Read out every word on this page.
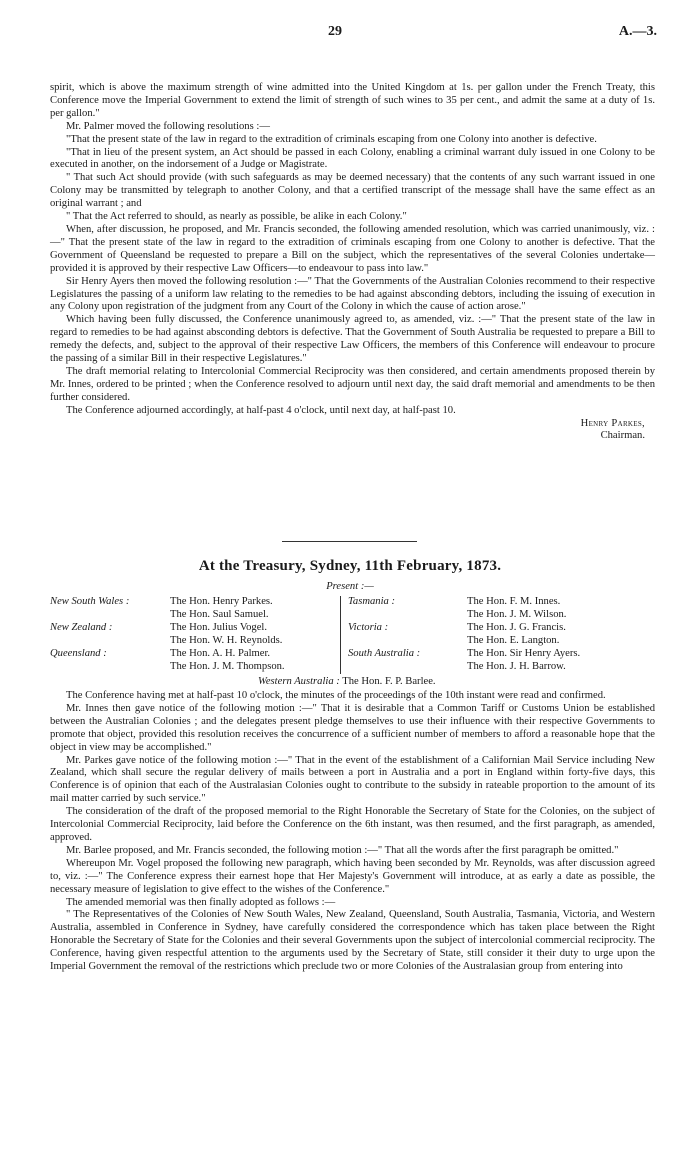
29	A.—3.

spirit, which is above the maximum strength of wine admitted into the United Kingdom at 1s. per gallon under the French Treaty, this Conference move the Imperial Government to extend the limit of strength of such wines to 35 per cent., and admit the same at a duty of 1s. per gallon."

Mr. Palmer moved the following resolutions :—

"That the present state of the law in regard to the extradition of criminals escaping from one Colony into another is defective.

"That in lieu of the present system, an Act should be passed in each Colony, enabling a criminal warrant duly issued in one Colony to be executed in another, on the indorsement of a Judge or Magistrate.

" That such Act should provide (with such safeguards as may be deemed necessary) that the contents of any such warrant issued in one Colony may be transmitted by telegraph to another Colony, and that a certified transcript of the message shall have the same effect as an original warrant ; and

" That the Act referred to should, as nearly as possible, be alike in each Colony."

When, after discussion, he proposed, and Mr. Francis seconded, the following amended resolution, which was carried unanimously, viz. :—" That the present state of the law in regard to the extradition of criminals escaping from one Colony to another is defective. That the Government of Queensland be requested to prepare a Bill on the subject, which the representatives of the several Colonies undertake—provided it is approved by their respective Law Officers—to endeavour to pass into law."

Sir Henry Ayers then moved the following resolution :—" That the Governments of the Australian Colonies recommend to their respective Legislatures the passing of a uniform law relating to the remedies to be had against absconding debtors, including the issuing of execution in any Colony upon registration of the judgment from any Court of the Colony in which the cause of action arose."

Which having been fully discussed, the Conference unanimously agreed to, as amended, viz. :—" That the present state of the law in regard to remedies to be had against absconding debtors is defective. That the Government of South Australia be requested to prepare a Bill to remedy the defects, and, subject to the approval of their respective Law Officers, the members of this Conference will endeavour to procure the passing of a similar Bill in their respective Legislatures."

The draft memorial relating to Intercolonial Commercial Reciprocity was then considered, and certain amendments proposed therein by Mr. Innes, ordered to be printed ; when the Conference resolved to adjourn until next day, the said draft memorial and amendments to be then further considered.

The Conference adjourned accordingly, at half-past 4 o'clock, until next day, at half-past 10.

Henry Parkes,
Chairman.
At the Treasury, Sydney, 11th February, 1873.
Present :—
New South Wales :
New Zealand :
Queensland :
The Hon. Henry Parkes.
The Hon. Saul Samuel.
The Hon. Julius Vogel.
The Hon. W. H. Reynolds.
The Hon. A. H. Palmer.
The Hon. J. M. Thompson.
Tasmania :
Victoria :
South Australia :
The Hon. F. M. Innes.
The Hon. J. M. Wilson.
The Hon. J. G. Francis.
The Hon. E. Langton.
The Hon. Sir Henry Ayers.
The Hon. J. H. Barrow.
Western Australia : The Hon. F. P. Barlee.

The Conference having met at half-past 10 o'clock, the minutes of the proceedings of the 10th instant were read and confirmed.

Mr. Innes then gave notice of the following motion :—" That it is desirable that a Common Tariff or Customs Union be established between the Australian Colonies ; and the delegates present pledge themselves to use their influence with their respective Governments to promote that object, provided this resolution receives the concurrence of a sufficient number of members to afford a reasonable hope that the object in view may be accomplished."

Mr. Parkes gave notice of the following motion :—" That in the event of the establishment of a Californian Mail Service including New Zealand, which shall secure the regular delivery of mails between a port in Australia and a port in England within forty-five days, this Conference is of opinion that each of the Australasian Colonies ought to contribute to the subsidy in rateable proportion to the amount of its mail matter carried by such service."

The consideration of the draft of the proposed memorial to the Right Honorable the Secretary of State for the Colonies, on the subject of Intercolonial Commercial Reciprocity, laid before the Conference on the 6th instant, was then resumed, and the first paragraph, as amended, approved.

Mr. Barlee proposed, and Mr. Francis seconded, the following motion :—" That all the words after the first paragraph be omitted."

Whereupon Mr. Vogel proposed the following new paragraph, which having been seconded by Mr. Reynolds, was after discussion agreed to, viz. :—" The Conference express their earnest hope that Her Majesty's Government will introduce, at as early a date as possible, the necessary measure of legislation to give effect to the wishes of the Conference."

The amended memorial was then finally adopted as follows :—

" The Representatives of the Colonies of New South Wales, New Zealand, Queensland, South Australia, Tasmania, Victoria, and Western Australia, assembled in Conference in Sydney, have carefully considered the correspondence which has taken place between the Right Honorable the Secretary of State for the Colonies and their several Governments upon the subject of intercolonial commercial reciprocity. The Conference, having given respectful attention to the arguments used by the Secretary of State, still consider it their duty to urge upon the Imperial Government the removal of the restrictions which preclude two or more Colonies of the Australasian group from entering into
